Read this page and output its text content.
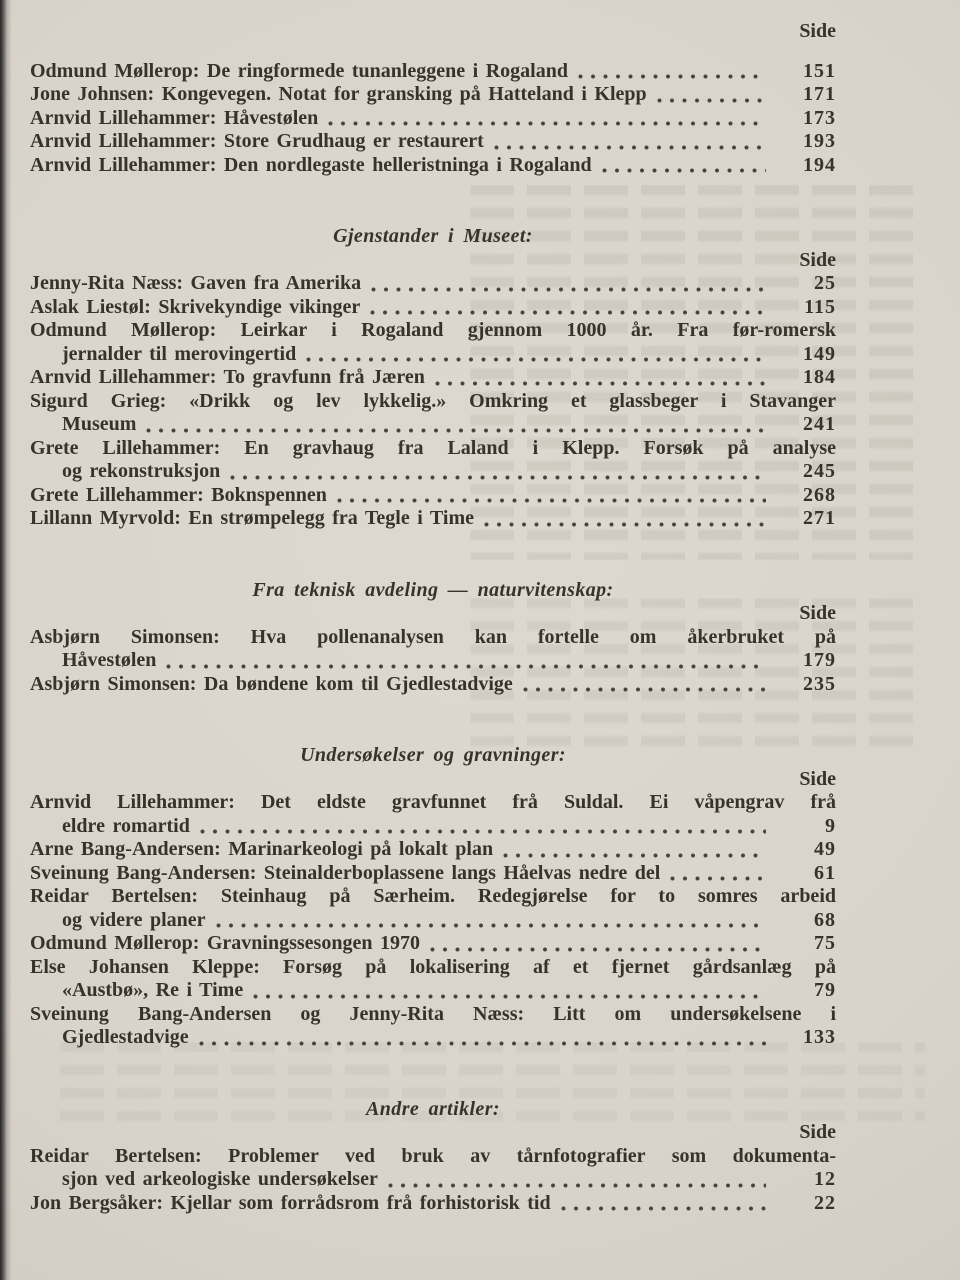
Side
Odmund Møllerop: De ringformede tunanleggene i Rogaland	151
Jone Johnsen: Kongevegen. Notat for gransking på Hatteland i Klepp	171
Arnvid Lillehammer: Håvestølen	173
Arnvid Lillehammer: Store Grudhaug er restaurert	193
Arnvid Lillehammer: Den nordlegaste helleristninga i Rogaland	194
Gjenstander i Museet:
Side
Jenny-Rita Næss: Gaven fra Amerika	25
Aslak Liestøl: Skrivekyndige vikinger	115
Odmund Møllerop: Leirkar i Rogaland gjennom 1000 år. Fra før-romersk
jernalder til merovingertid	149
Arnvid Lillehammer: To gravfunn frå Jæren	184
Sigurd Grieg: «Drikk og lev lykkelig.» Omkring et glassbeger i Stavanger
Museum	241
Grete Lillehammer: En gravhaug fra Laland i Klepp. Forsøk på analyse
og rekonstruksjon	245
Grete Lillehammer: Boknspennen	268
Lillann Myrvold: En strømpelegg fra Tegle i Time	271
Fra teknisk avdeling — naturvitenskap:
Side
Asbjørn Simonsen: Hva pollenanalysen kan fortelle om åkerbruket på
Håvestølen	179
Asbjørn Simonsen: Da bøndene kom til Gjedlestadvige	235
Undersøkelser og gravninger:
Side
Arnvid Lillehammer: Det eldste gravfunnet frå Suldal. Ei våpengrav frå
eldre romartid	9
Arne Bang-Andersen: Marinarkeologi på lokalt plan	49
Sveinung Bang-Andersen: Steinalderboplassene langs Håelvas nedre del	61
Reidar Bertelsen: Steinhaug på Særheim. Redegjørelse for to somres arbeid
og videre planer	68
Odmund Møllerop: Gravningssesongen 1970	75
Else Johansen Kleppe: Forsøg på lokalisering af et fjernet gårdsanlæg på
«Austbø», Re i Time	79
Sveinung Bang-Andersen og Jenny-Rita Næss: Litt om undersøkelsene i
Gjedlestadvige	133
Andre artikler:
Side
Reidar Bertelsen: Problemer ved bruk av tårnfotografier som dokumenta-
sjon ved arkeologiske undersøkelser	12
Jon Bergsåker: Kjellar som forrådsrom frå forhistorisk tid	22
